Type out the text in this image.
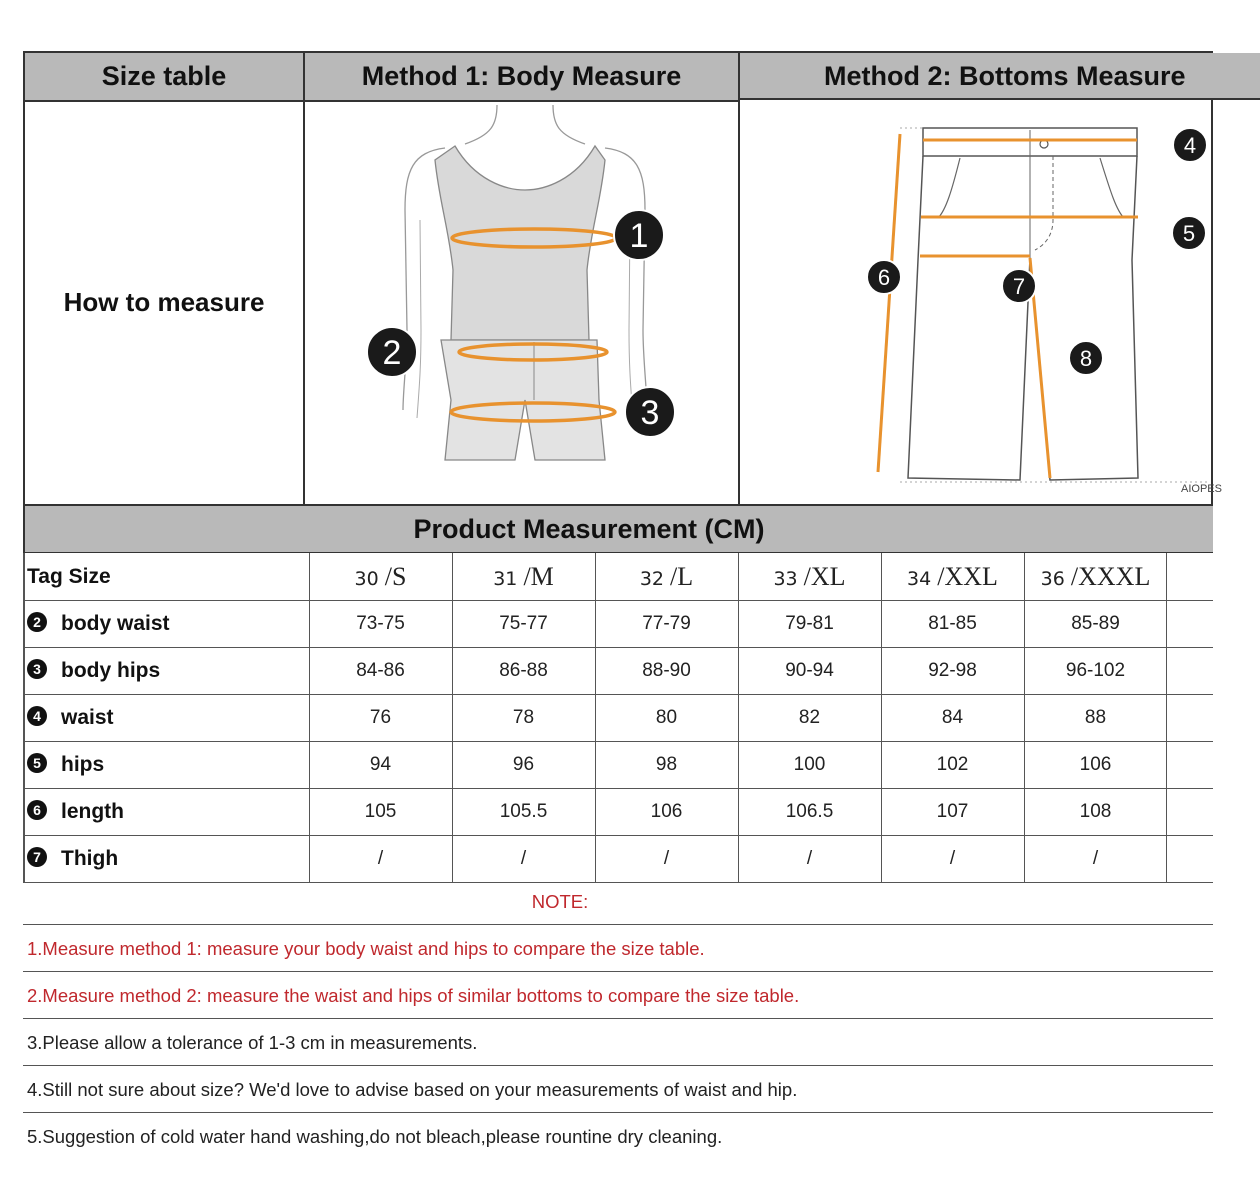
Size table	Method 1: Body Measure	Method 2: Bottoms Measure
How to measure
1
2
3
4
5
6	7
8
AIOPES
Product Measurement (CM)
Tag Size	30 /S	31 /M	32 /L	33 /XL	34 /XXL	36 /XXXL
2 body waist	73-75	75-77	77-79	79-81	81-85	85-89
3 body hips	84-86	86-88	88-90	90-94	92-98	96-102
4 waist	76	78	80	82	84	88
5 hips	94	96	98	100	102	106
6 length	105	105.5	106	106.5	107	108
7 Thigh	/	/	/	/	/	/
NOTE:
1.Measure method 1: measure your body waist and hips to compare the size table.
2.Measure method 2: measure the waist and hips of similar bottoms to compare the size table.
3.Please allow a tolerance of 1-3 cm in measurements.
4.Still not sure about size? We'd love to advise based on your measurements of waist and hip.
5.Suggestion of cold water hand washing,do not bleach,please rountine dry cleaning.
